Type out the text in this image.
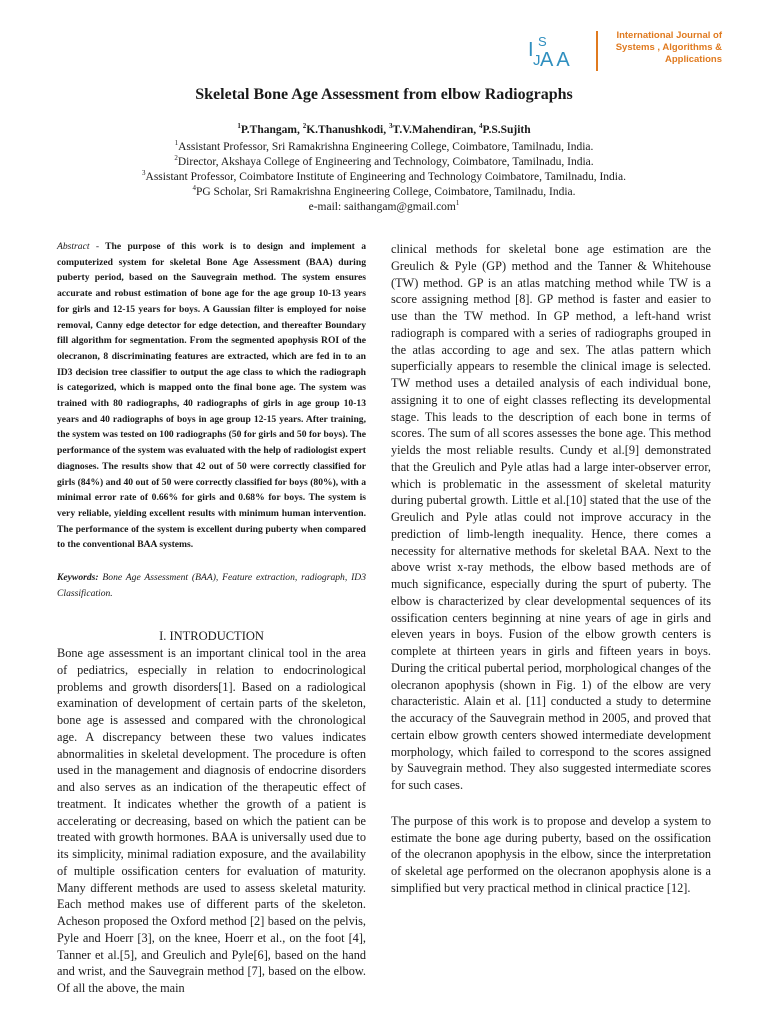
I S
J AA
International Journal of
Systems , Algorithms &
Applications
Skeletal Bone Age Assessment from elbow Radiographs
$^1$P.Thangam, $^2$K.Thanushkodi, $^3$T.V.Mahendiran, $^4$P.S.Sujith
$^1$Assistant Professor, Sri Ramakrishna Engineering College, Coimbatore, Tamilnadu, India.
$^2$Director, Akshaya College of Engineering and Technology, Coimbatore, Tamilnadu, India.
$^3$Assistant Professor, Coimbatore Institute of Engineering and Technology Coimbatore, Tamilnadu, India.
$^4$PG Scholar, Sri Ramakrishna Engineering College, Coimbatore, Tamilnadu, India.
e-mail: saithangam@gmail.com$^1$

Abstract - The purpose of this work is to design and implement a computerized system for skeletal Bone Age Assessment (BAA) during puberty period, based on the Sauvegrain method. The system ensures accurate and robust estimation of bone age for the age group 10-13 years for girls and 12-15 years for boys. A Gaussian filter is employed for noise removal, Canny edge detector for edge detection, and thereafter Boundary fill algorithm for segmentation. From the segmented apophysis ROI of the olecranon, 8 discriminating features are extracted, which are fed in to an ID3 decision tree classifier to output the age class to which the radiograph is categorized, which is mapped onto the final bone age. The system was trained with 80 radiographs, 40 radiographs of girls in age group 10-13 years and 40 radiographs of boys in age group 12-15 years. After training, the system was tested on 100 radiographs (50 for girls and 50 for boys). The performance of the system was evaluated with the help of radiologist expert diagnoses. The results show that 42 out of 50 were correctly classified for girls (84%) and 40 out of 50 were correctly classified for boys (80%), with a minimal error rate of 0.66% for girls and 0.68% for boys. The system is very reliable, yielding excellent results with minimum human intervention. The performance of the system is excellent during puberty when compared to the conventional BAA systems.

Keywords: Bone Age Assessment (BAA), Feature extraction, radiograph, ID3 Classification.

I. INTRODUCTION

Bone age assessment is an important clinical tool in the area of pediatrics, especially in relation to endocrinological problems and growth disorders[1]. Based on a radiological examination of development of certain parts of the skeleton, bone age is assessed and compared with the chronological age. A discrepancy between these two values indicates abnormalities in skeletal development. The procedure is often used in the management and diagnosis of endocrine disorders and also serves as an indication of the therapeutic effect of treatment. It indicates whether the growth of a patient is accelerating or decreasing, based on which the patient can be treated with growth hormones. BAA is universally used due to its simplicity, minimal radiation exposure, and the availability of multiple ossification centers for evaluation of maturity. Many different methods are used to assess skeletal maturity. Each method makes use of different parts of the skeleton. Acheson proposed the Oxford method [2] based on the pelvis, Pyle and Hoerr [3], on the knee, Hoerr et al., on the foot [4], Tanner et al.[5], and Greulich and Pyle[6], based on the hand and wrist, and the Sauvegrain method [7], based on the elbow. Of all the above, the main

clinical methods for skeletal bone age estimation are the Greulich & Pyle (GP) method and the Tanner & Whitehouse (TW) method. GP is an atlas matching method while TW is a score assigning method [8]. GP method is faster and easier to use than the TW method. In GP method, a left-hand wrist radiograph is compared with a series of radiographs grouped in the atlas according to age and sex. The atlas pattern which superficially appears to resemble the clinical image is selected. TW method uses a detailed analysis of each individual bone, assigning it to one of eight classes reflecting its developmental stage. This leads to the description of each bone in terms of scores. The sum of all scores assesses the bone age. This method yields the most reliable results. Cundy et al.[9] demonstrated that the Greulich and Pyle atlas had a large inter-observer error, which is problematic in the assessment of skeletal maturity during pubertal growth. Little et al.[10] stated that the use of the Greulich and Pyle atlas could not improve accuracy in the prediction of limb-length inequality. Hence, there comes a necessity for alternative methods for skeletal BAA. Next to the above wrist x-ray methods, the elbow based methods are of much significance, especially during the spurt of puberty. The elbow is characterized by clear developmental sequences of its ossification centers beginning at nine years of age in girls and eleven years in boys. Fusion of the elbow growth centers is complete at thirteen years in girls and fifteen years in boys. During the critical pubertal period, morphological changes of the olecranon apophysis (shown in Fig. 1) of the elbow are very characteristic. Alain et al. [11] conducted a study to determine the accuracy of the Sauvegrain method in 2005, and proved that certain elbow growth centers showed intermediate development morphology, which failed to correspond to the scores assigned by Sauvegrain method. They also suggested intermediate scores for such cases.

The purpose of this work is to propose and develop a system to estimate the bone age during puberty, based on the ossification of the olecranon apophysis in the elbow, since the interpretation of skeletal age performed on the olecranon apophysis alone is a simplified but very practical method in clinical practice [12].
